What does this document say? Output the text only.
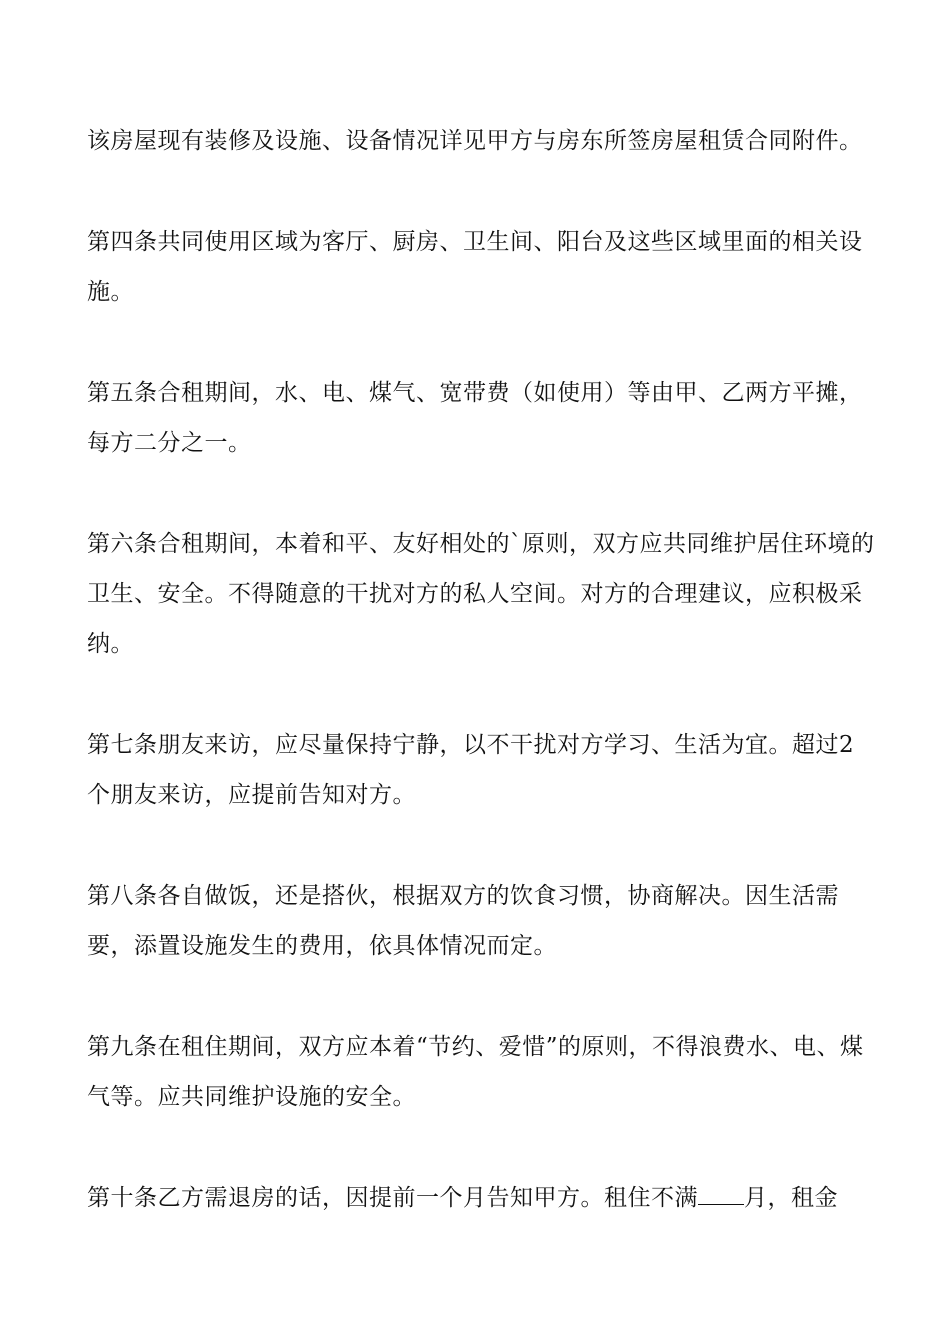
该房屋现有装修及设施、设备情况详见甲方与房东所签房屋租赁合同附件。

第四条共同使用区域为客厅、厨房、卫生间、阳台及这些区域里面的相关设施。

第五条合租期间，水、电、煤气、宽带费（如使用）等由甲、乙两方平摊，每方二分之一。

第六条合租期间，本着和平、友好相处的`原则，双方应共同维护居住环境的卫生、安全。不得随意的干扰对方的私人空间。对方的合理建议，应积极采纳。

第七条朋友来访，应尽量保持宁静，以不干扰对方学习、生活为宜。超过2个朋友来访，应提前告知对方。

第八条各自做饭，还是搭伙，根据双方的饮食习惯，协商解决。因生活需要，添置设施发生的费用，依具体情况而定。

第九条在租住期间，双方应本着“节约、爱惜”的原则，不得浪费水、电、煤气等。应共同维护设施的安全。

第十条乙方需退房的话，因提前一个月告知甲方。租住不满 月，租金
